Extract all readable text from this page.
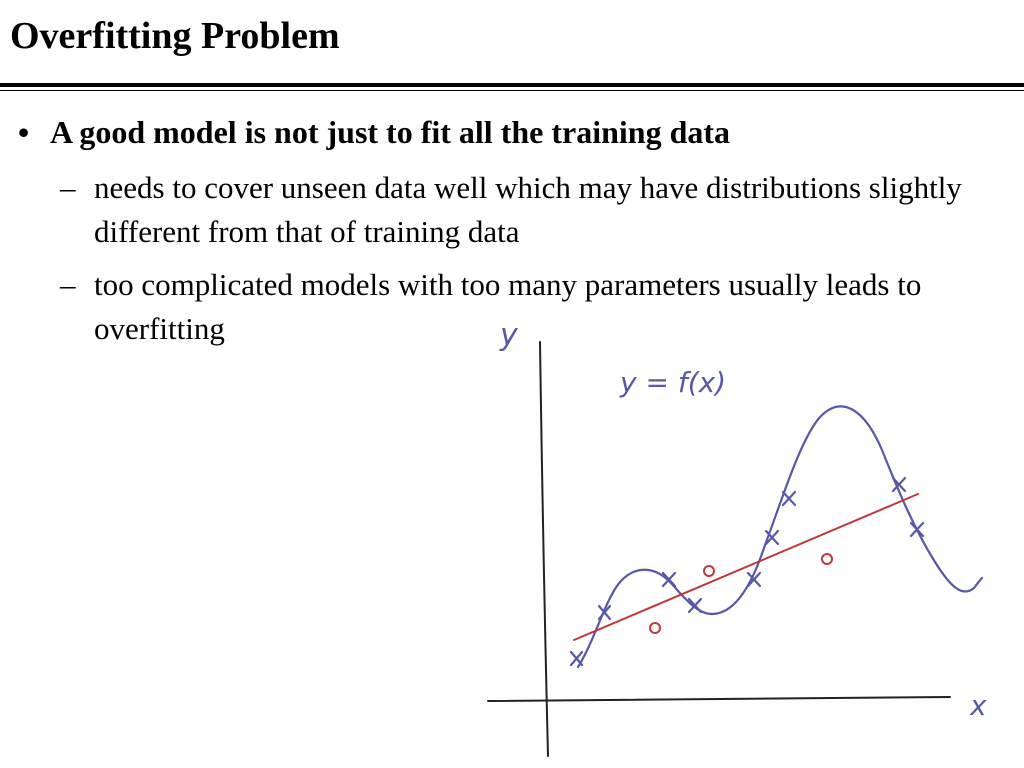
Overfitting Problem
• A good model is not just to fit all the training data
– needs to cover unseen data well which may have distributions slightly different from that of training data
– too complicated models with too many parameters usually leads to overfitting	y
x
y = f(x)
